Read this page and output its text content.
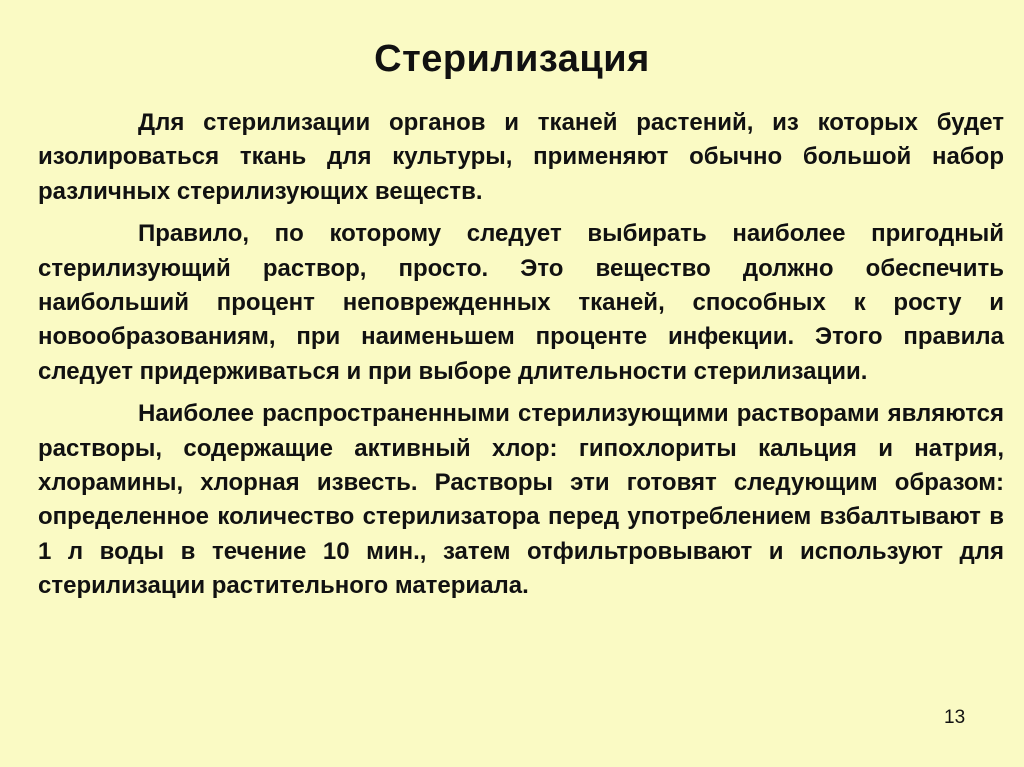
Стерилизация

Для стерилизации органов и тканей растений, из которых будет изолироваться ткань для культуры, применяют обычно большой набор различных стерилизующих веществ.

Правило, по которому следует выбирать наиболее пригодный стерилизующий раствор, просто. Это вещество должно обеспечить наибольший процент неповрежденных тканей, способных к росту и новообразованиям, при наименьшем проценте инфекции. Этого правила следует придерживаться и при выборе длительности стерилизации.

Наиболее распространенными стерилизующими растворами являются растворы, содержащие активный хлор: гипохлориты кальция и натрия, хлорамины, хлорная известь. Растворы эти готовят следующим образом: определенное количество стерилизатора перед употреблением взбалтывают в 1 л воды в течение 10 мин., затем отфильтровывают и используют для стерилизации растительного материала.

13
